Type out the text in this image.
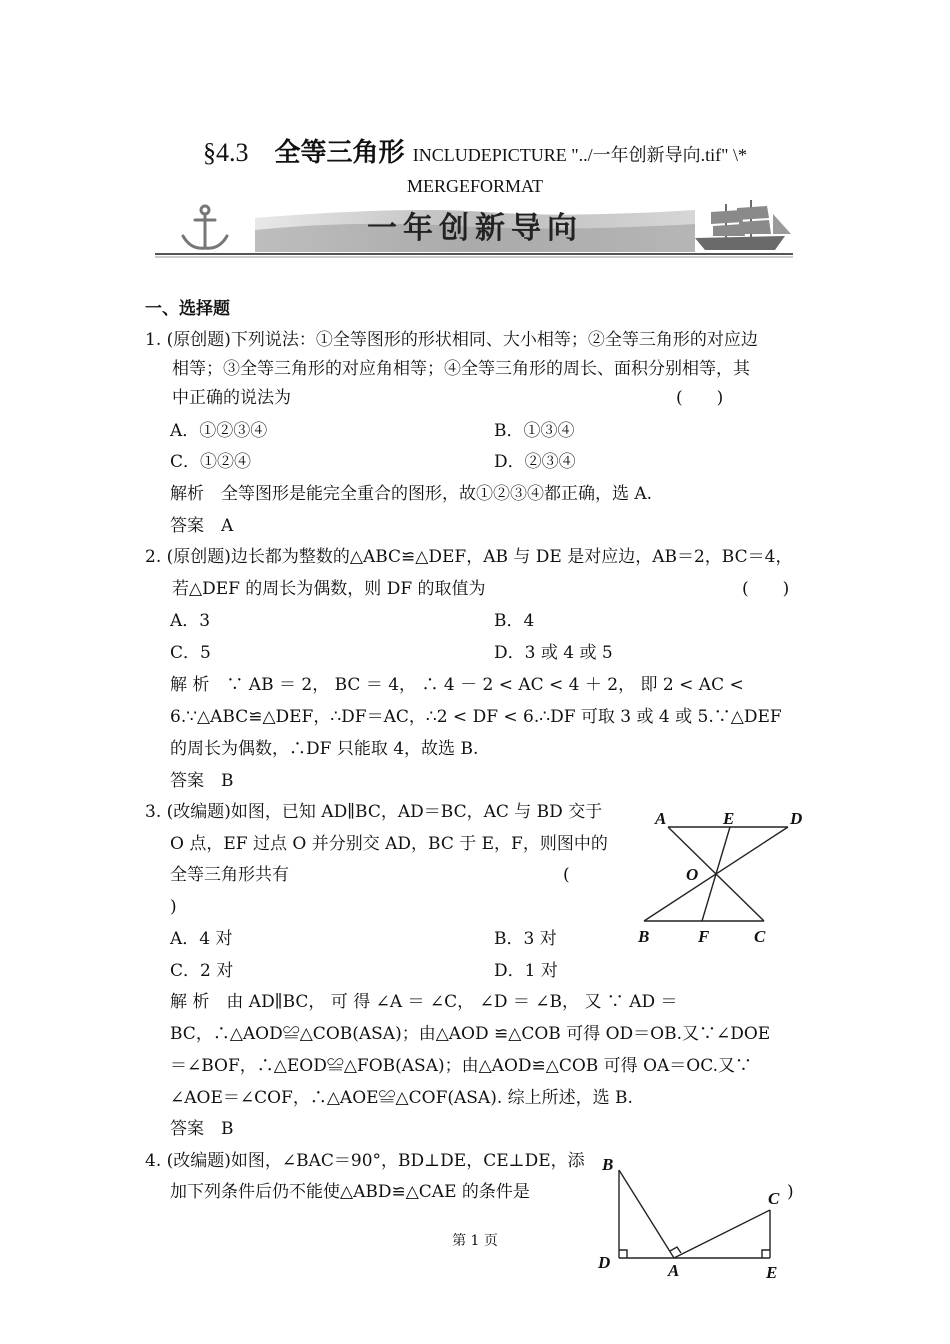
§4.3 全等三角形 INCLUDEPICTURE "../一年创新导向.tif" \*
MERGEFORMAT
一年创新导向
一、选择题
1. (原创题)下列说法：①全等图形的形状相同、大小相等；②全等三角形的对应边
相等；③全等三角形的对应角相等；④全等三角形的周长、面积分别相等，其
中正确的说法为	(　　)
A．①②③④	B．①③④
C．①②④	D．②③④
解析　全等图形是能完全重合的图形，故①②③④都正确，选 A.
答案　A
2. (原创题)边长都为整数的△ABC≌△DEF，AB 与 DE 是对应边，AB＝2，BC＝4，
若△DEF 的周长为偶数，则 DF 的取值为	(　　)
A．3	B．4
C．5	D．3 或 4 或 5
解 析　∵ AB ＝ 2， BC ＝ 4， ∴ 4 － 2 < AC < 4 ＋ 2， 即 2 < AC <
6.∵△ABC≌△DEF，∴DF＝AC，∴2 < DF < 6.∴DF 可取 3 或 4 或 5.∵△DEF
的周长为偶数，∴DF 只能取 4，故选 B.
答案　B
3. (改编题)如图，已知 AD∥BC，AD＝BC，AC 与 BD 交于
O 点，EF 过点 O 并分别交 AD，BC 于 E，F，则图中的
全等三角形共有	(
)
A．4 对	B．3 对
C．2 对	D．1 对
解 析　由 AD∥BC， 可 得 ∠A ＝ ∠C， ∠D ＝ ∠B， 又 ∵ AD ＝
BC，∴△AOD≌△COB(ASA)；由△AOD ≌△COB 可得 OD＝OB.又∵∠DOE
＝∠BOF，∴△EOD≌△FOB(ASA)；由△AOD≌△COB 可得 OA＝OC.又∵
∠AOE＝∠COF，∴△AOE≌△COF(ASA). 综上所述，选 B.
答案　B
A	E	D
O
B	F	C
4. (改编题)如图，∠BAC＝90°，BD⊥DE，CE⊥DE，添
加下列条件后仍不能使△ABD≌△CAE 的条件是	)
B
C
D	A	E
第 1 页
